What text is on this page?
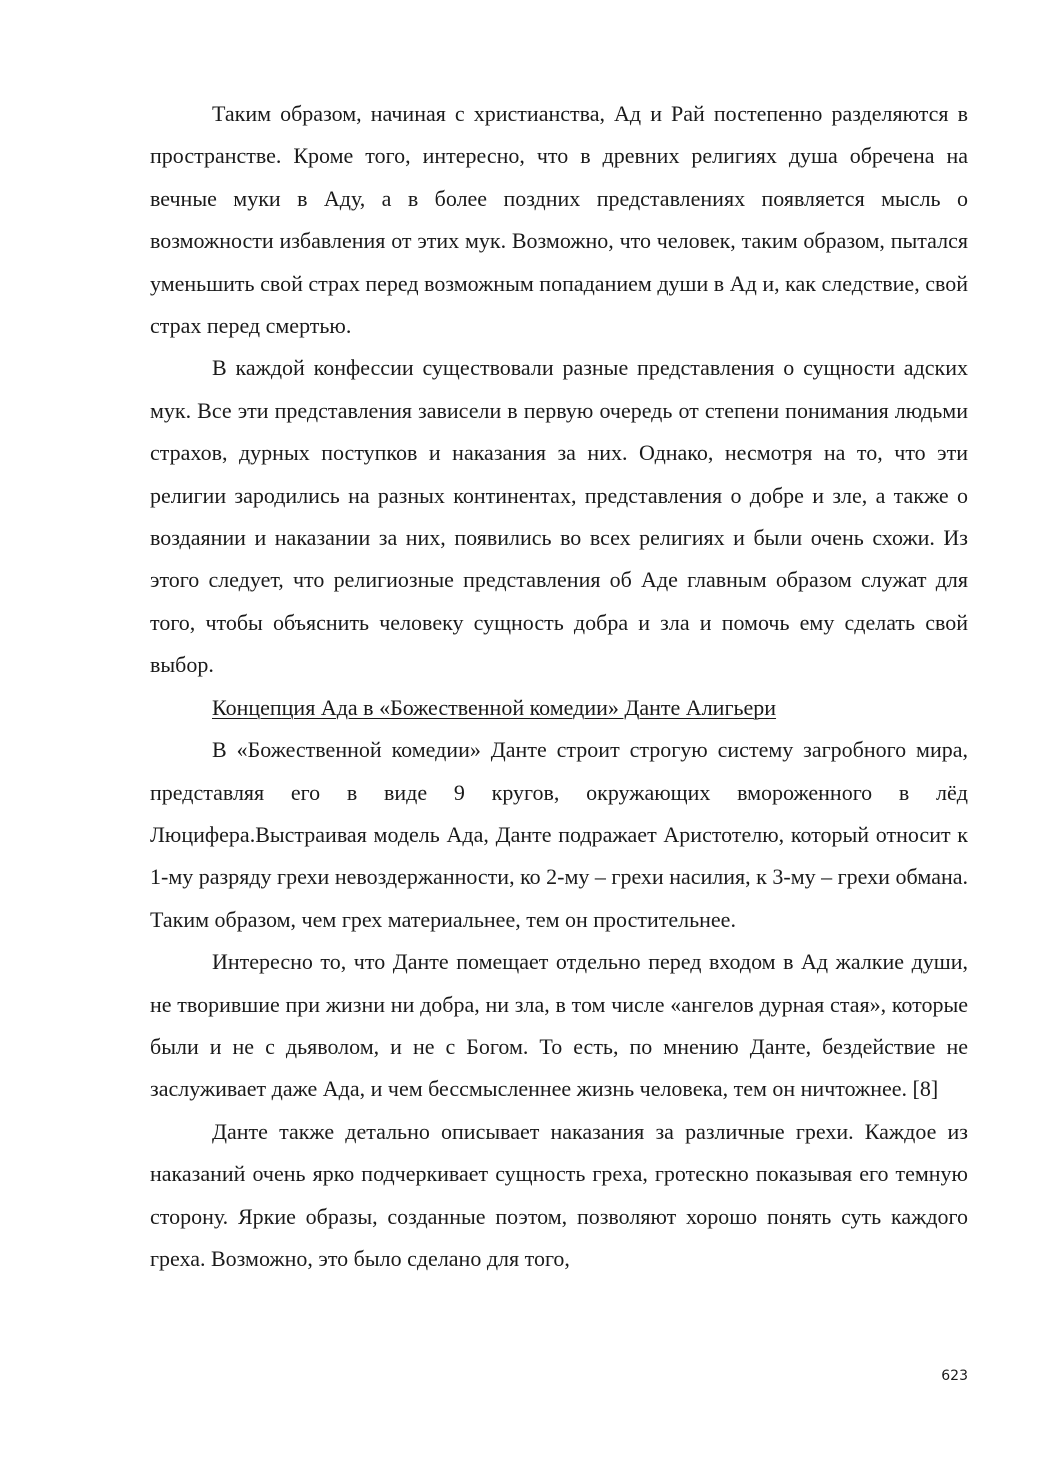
Таким образом, начиная с христианства, Ад и Рай постепенно разделяются в пространстве. Кроме того, интересно, что в древних религиях душа обречена на вечные муки в Аду, а в более поздних представлениях появляется мысль о возможности избавления от этих мук. Возможно, что человек, таким образом, пытался уменьшить свой страх перед возможным попаданием души в Ад и, как следствие, свой страх перед смертью.

В каждой конфессии существовали разные представления о сущности адских мук. Все эти представления зависели в первую очередь от степени понимания людьми страхов, дурных поступков и наказания за них. Однако, несмотря на то, что эти религии зародились на разных континентах, представления о добре и зле, а также о воздаянии и наказании за них, появились во всех религиях и были очень схожи. Из этого следует, что религиозные представления об Аде главным образом служат для того, чтобы объяснить человеку сущность добра и зла и помочь ему сделать свой выбор.

Концепция Ада в «Божественной комедии» Данте Алигьери

В «Божественной комедии» Данте строит строгую систему загробного мира, представляя его в виде 9 кругов, окружающих вмороженного в лёд Люцифера.Выстраивая модель Ада, Данте подражает Аристотелю, который относит к 1-му разряду грехи невоздержанности, ко 2-му – грехи насилия, к 3-му – грехи обмана. Таким образом, чем грех материальнее, тем он простительнее.

Интересно то, что Данте помещает отдельно перед входом в Ад жалкие души, не творившие при жизни ни добра, ни зла, в том числе «ангелов дурная стая», которые были и не с дьяволом, и не с Богом. То есть, по мнению Данте, бездействие не заслуживает даже Ада, и чем бессмысленнее жизнь человека, тем он ничтожнее. [8]

Данте также детально описывает наказания за различные грехи. Каждое из наказаний очень ярко подчеркивает сущность греха, гротескно показывая его темную сторону. Яркие образы, созданные поэтом, позволяют хорошо понять суть каждого греха. Возможно, это было сделано для того,

623
